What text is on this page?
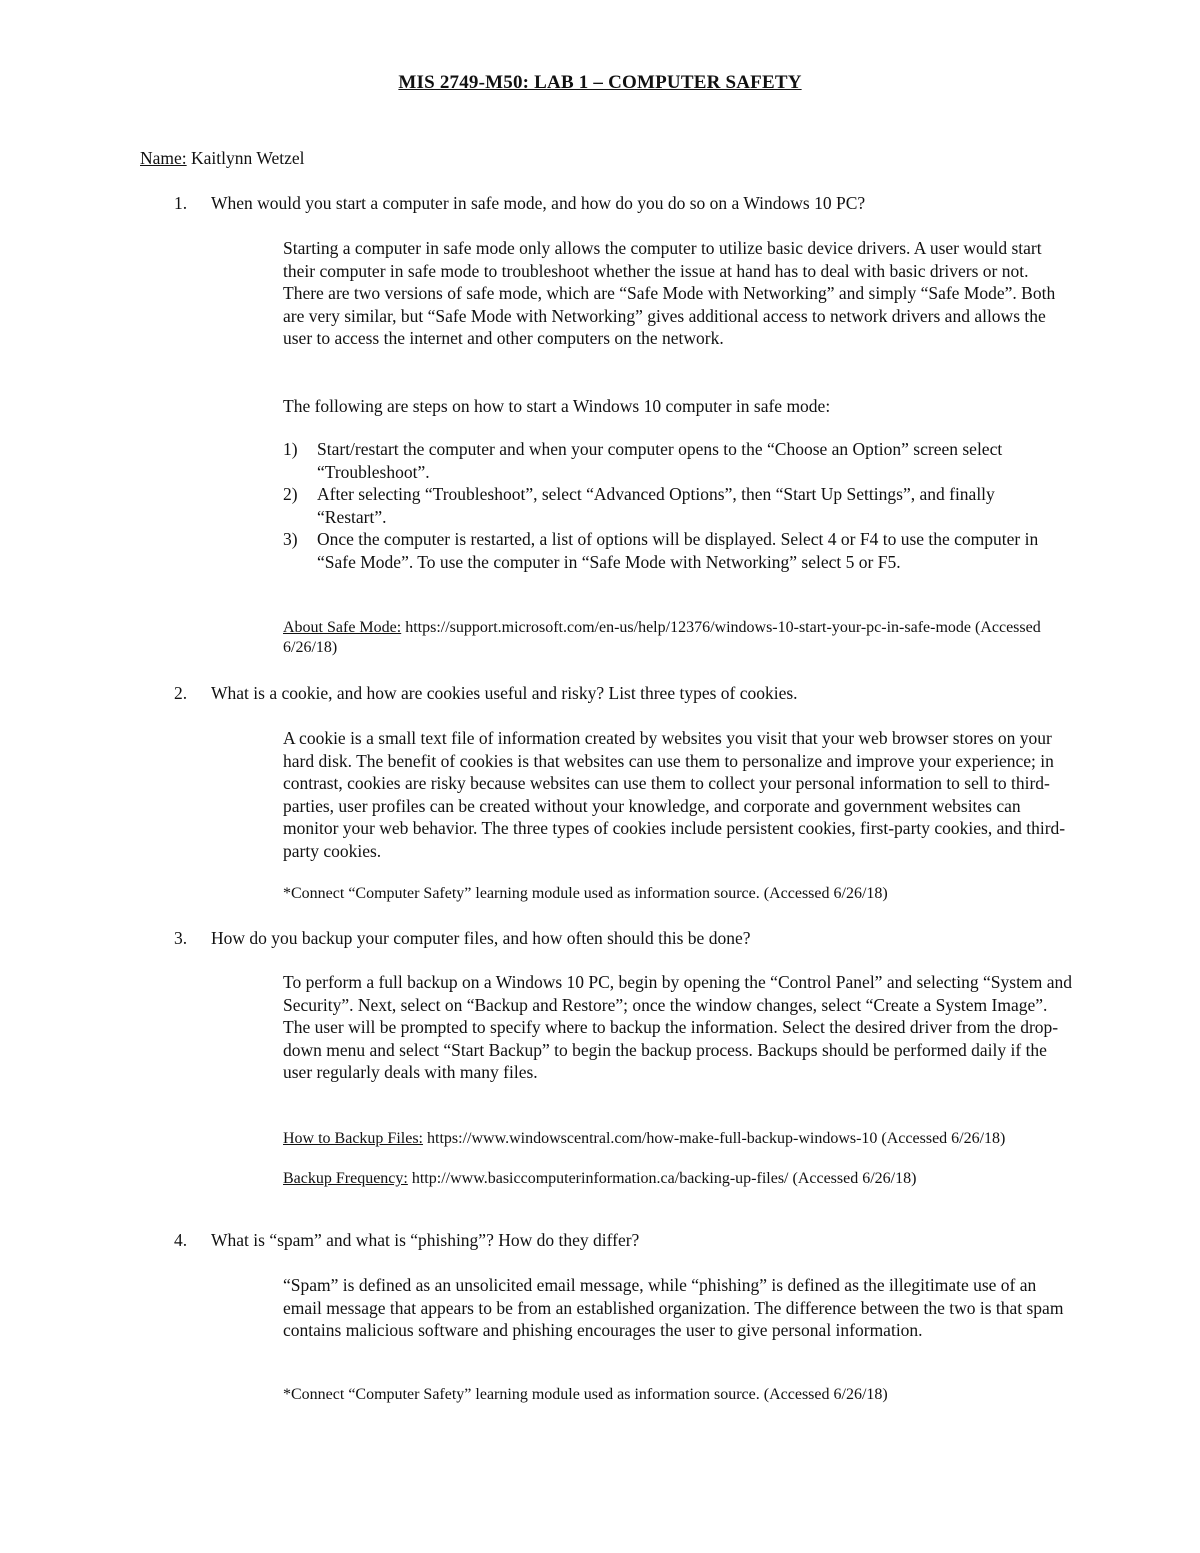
MIS 2749-M50: LAB 1 – COMPUTER SAFETY
Name: Kaitlynn Wetzel
1. When would you start a computer in safe mode, and how do you do so on a Windows 10 PC?

Starting a computer in safe mode only allows the computer to utilize basic device drivers. A user would start their computer in safe mode to troubleshoot whether the issue at hand has to deal with basic drivers or not. There are two versions of safe mode, which are “Safe Mode with Networking” and simply “Safe Mode”. Both are very similar, but “Safe Mode with Networking” gives additional access to network drivers and allows the user to access the internet and other computers on the network.

The following are steps on how to start a Windows 10 computer in safe mode:

1) Start/restart the computer and when your computer opens to the “Choose an Option” screen select “Troubleshoot”.
2) After selecting “Troubleshoot”, select “Advanced Options”, then “Start Up Settings”, and finally “Restart”.
3) Once the computer is restarted, a list of options will be displayed. Select 4 or F4 to use the computer in “Safe Mode”. To use the computer in “Safe Mode with Networking” select 5 or F5.
About Safe Mode: https://support.microsoft.com/en-us/help/12376/windows-10-start-your-pc-in-safe-mode (Accessed 6/26/18)
2. What is a cookie, and how are cookies useful and risky? List three types of cookies.

A cookie is a small text file of information created by websites you visit that your web browser stores on your hard disk. The benefit of cookies is that websites can use them to personalize and improve your experience; in contrast, cookies are risky because websites can use them to collect your personal information to sell to third-parties, user profiles can be created without your knowledge, and corporate and government websites can monitor your web behavior. The three types of cookies include persistent cookies, first-party cookies, and third-party cookies.

*Connect “Computer Safety” learning module used as information source. (Accessed 6/26/18)
3. How do you backup your computer files, and how often should this be done?

To perform a full backup on a Windows 10 PC, begin by opening the “Control Panel” and selecting “System and Security”. Next, select on “Backup and Restore”; once the window changes, select “Create a System Image”. The user will be prompted to specify where to backup the information. Select the desired driver from the drop-down menu and select “Start Backup” to begin the backup process. Backups should be performed daily if the user regularly deals with many files.

How to Backup Files: https://www.windowscentral.com/how-make-full-backup-windows-10 (Accessed 6/26/18)
Backup Frequency: http://www.basiccomputerinformation.ca/backing-up-files/ (Accessed 6/26/18)
4. What is “spam” and what is “phishing”? How do they differ?

“Spam” is defined as an unsolicited email message, while “phishing” is defined as the illegitimate use of an email message that appears to be from an established organization. The difference between the two is that spam contains malicious software and phishing encourages the user to give personal information.

*Connect “Computer Safety” learning module used as information source. (Accessed 6/26/18)
